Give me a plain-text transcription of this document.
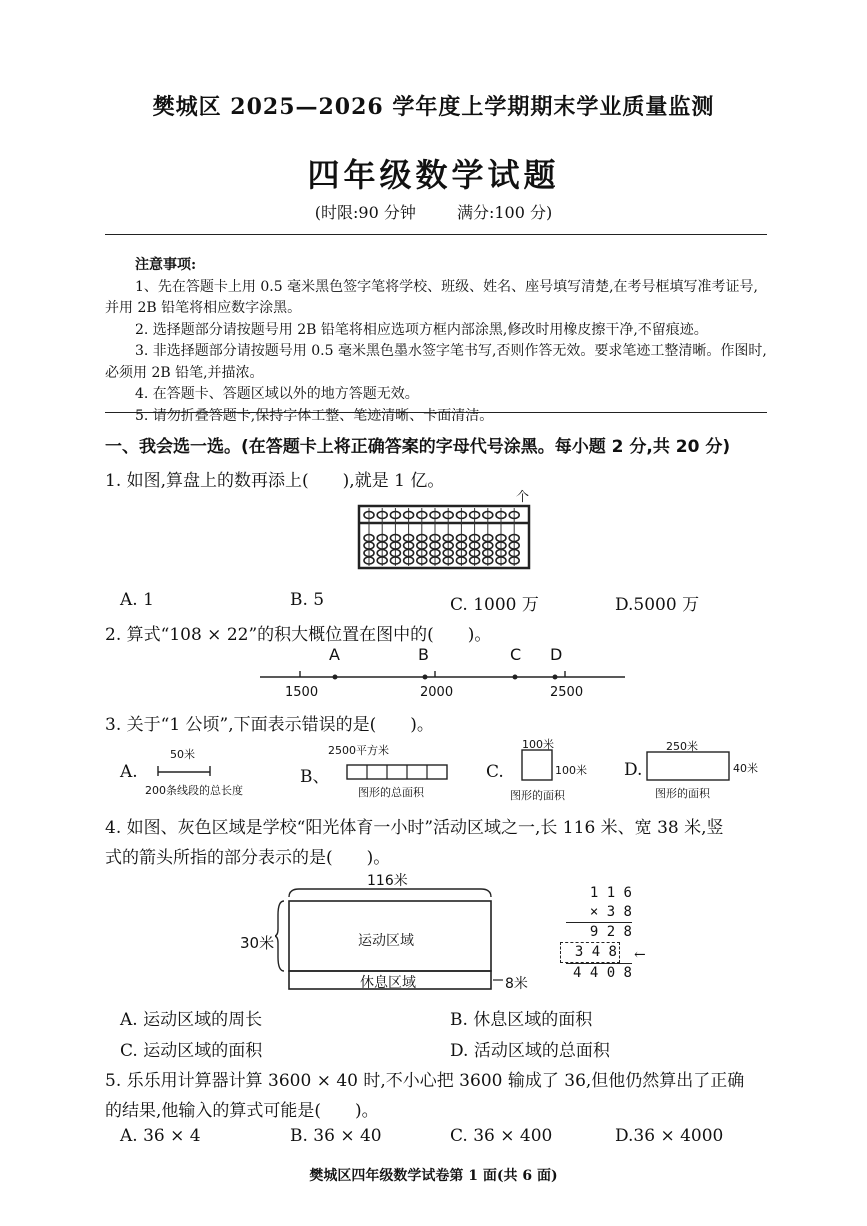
樊城区 2025—2026 学年度上学期期末学业质量监测
四年级数学试题
(时限:90 分钟	满分:100 分)
注意事项:

1、先在答题卡上用 0.5 毫米黑色签字笔将学校、班级、姓名、座号填写清楚,在考号框填写准考证号,并用 2B 铅笔将相应数字涂黑。

2. 选择题部分请按题号用 2B 铅笔将相应选项方框内部涂黑,修改时用橡皮擦干净,不留痕迹。

3. 非选择题部分请按题号用 0.5 毫米黑色墨水签字笔书写,否则作答无效。要求笔迹工整清晰。作图时,必须用 2B 铅笔,并描浓。

4. 在答题卡、答题区域以外的地方答题无效。

5. 请勿折叠答题卡,保持字体工整、笔迹清晰、卡面清洁。

一、我会选一选。(在答题卡上将正确答案的字母代号涂黑。每小题 2 分,共 20 分)
1. 如图,算盘上的数再添上(　　),就是 1 亿。
个
A. 1	B. 5	C. 1000 万	D.5000 万
2. 算式“108 × 22”的积大概位置在图中的(　　)。
A	B	C D
1500	2000	2500
3. 关于“1 公顷”,下面表示错误的是(　　)。
A.
50米
200条线段的总长度
B、
2500平方米
图形的总面积
C.
100米
100米
图形的面积
D.
250米
40米
图形的面积
4. 如图、灰色区域是学校“阳光体育一小时”活动区域之一,长 116 米、宽 38 米,竖
式的箭头所指的部分表示的是(　　)。
116米
30米	运动区域
休息区域	8米
1 1 6
× 3 8
9 2 8
3 4 8
4 4 0 8
←
A. 运动区域的周长	B. 休息区域的面积
C. 运动区域的面积	D. 活动区域的总面积
5. 乐乐用计算器计算 3600 × 40 时,不小心把 3600 输成了 36,但他仍然算出了正确
的结果,他输入的算式可能是(　　)。
A. 36 × 4	B. 36 × 40	C. 36 × 400	D.36 × 4000
樊城区四年级数学试卷第 1 面(共 6 面)
